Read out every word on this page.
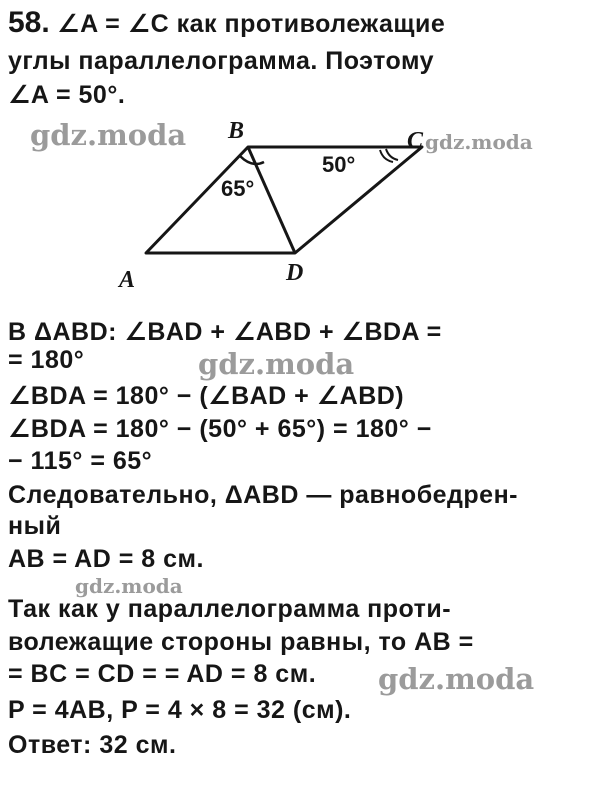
58. ∠A = ∠C как противолежащие
углы параллелограмма. Поэтому
∠A = 50°.
B	C
A	D
65°
50°
В ΔABD: ∠BAD + ∠ABD + ∠BDA =
= 180°
∠BDA = 180° − (∠BAD + ∠ABD)
∠BDA = 180° − (50° + 65°) = 180° −
− 115° = 65°
Следовательно, ΔABD — равнобедрен-
ный
AB = AD = 8 см.
Так как у параллелограмма проти-
волежащие стороны равны, то AB =
= BC = CD = = AD = 8 см.
P = 4AB, P = 4 × 8 = 32 (см).
Ответ: 32 см.
gdz.moda	gdz.moda
gdz.moda
gdz.moda
gdz.moda
